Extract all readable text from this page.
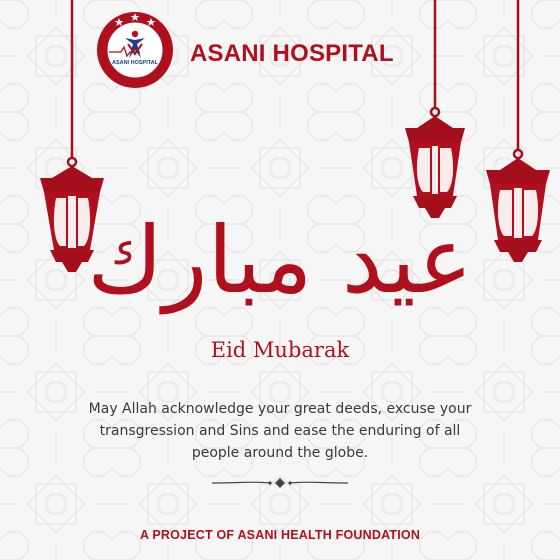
ASANI HOSPITAL ASANI HOSPITAL
عيد مبارك
Eid Mubarak
May Allah acknowledge your great deeds, excuse your transgression and Sins and ease the enduring of all people around the globe.
A PROJECT OF ASANI HEALTH FOUNDATION
